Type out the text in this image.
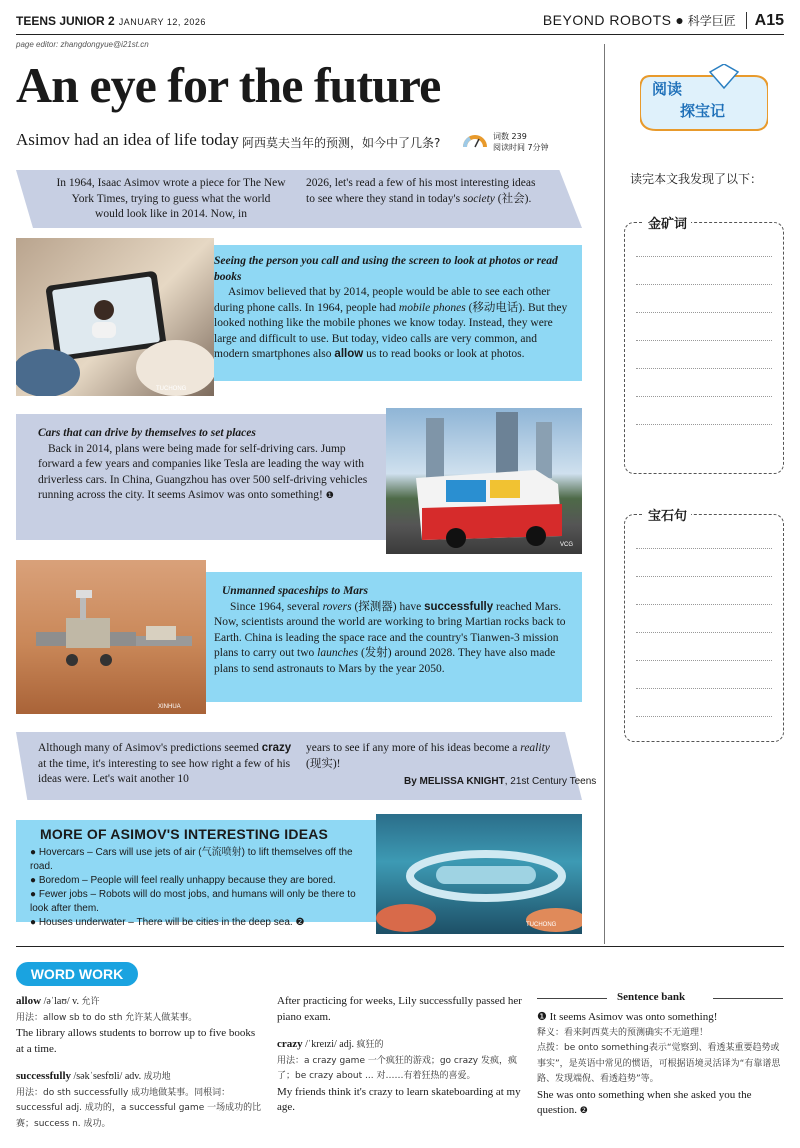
TEENS JUNIOR 2 JANUARY 12, 2026	BEYOND ROBOTS ● 科学巨匠 A15
page editor: zhangdongyue@i21st.cn
An eye for the future
Asimov had an idea of life today 阿西莫夫当年的预测，如今中了几条?	词数 239
阅读时间 7分钟
In 1964, Isaac Asimov wrote a piece for The New York Times, trying to guess what the world would look like in 2014. Now, in
2026, let's read a few of his most interesting ideas to see where they stand in today's society (社会).
TUCHONG
Seeing the person you call and using the screen to look at photos or read books
Asimov believed that by 2014, people would be able to see each other during phone calls. In 1964, people had mobile phones (移动电话). But they looked nothing like the mobile phones we know today. Instead, they were large and difficult to use. But today, video calls are very common, and modern smartphones also allow us to read books or look at photos.
Cars that can drive by themselves to set places
Back in 2014, plans were being made for self-driving cars. Jump forward a few years and companies like Tesla are leading the way with driverless cars. In China, Guangzhou has over 500 self-driving vehicles running across the city. It seems Asimov was onto something! ❶
VCG
XINHUA
Unmanned spaceships to Mars
Since 1964, several rovers (探测器) have successfully reached Mars. Now, scientists around the world are working to bring Martian rocks back to Earth. China is leading the space race and the country's Tianwen-3 mission plans to carry out two launches (发射) around 2028. They have also made plans to send astronauts to Mars by the year 2050.
Although many of Asimov's predictions seemed crazy at the time, it's interesting to see how right a few of his ideas were. Let's wait another 10
years to see if any more of his ideas become a reality (现实)!
By MELISSA KNIGHT, 21st Century Teens
TUCHONG
MORE OF ASIMOV'S INTERESTING IDEAS
● Hovercars – Cars will use jets of air (气流喷射) to lift themselves off the road.
● Boredom – People will feel really unhappy because they are bored.
● Fewer jobs – Robots will do most jobs, and humans will only be there to look after them.
● Houses underwater – There will be cities in the deep sea. ❷
阅读
探宝记
读完本文我发现了以下：
金矿词
宝石句
WORD WORK
allow /əˈlaʊ/ v. 允许
用法：allow sb to do sth 允许某人做某事。
The library allows students to borrow up to five books at a time.
successfully /səkˈsesfʊli/ adv. 成功地
用法：do sth successfully 成功地做某事。同根词：successful adj. 成功的，a successful game 一场成功的比赛；success n. 成功。
After practicing for weeks, Lily successfully passed her piano exam.
crazy /ˈkreɪzi/ adj. 疯狂的
用法：a crazy game 一个疯狂的游戏；go crazy 发疯，疯了；be crazy about ... 对……有着狂热的喜爱。
My friends think it's crazy to learn skateboarding at my age.
Sentence bank
❶ It seems Asimov was onto something!
释义：看来阿西莫夫的预测确实不无道理！
点拨：be onto something表示“觉察到、看透某重要趋势或事实”，是英语中常见的惯语，可根据语境灵活译为“有靠谱思路、发现端倪、看透趋势”等。
She was onto something when she asked you the question. ❷
